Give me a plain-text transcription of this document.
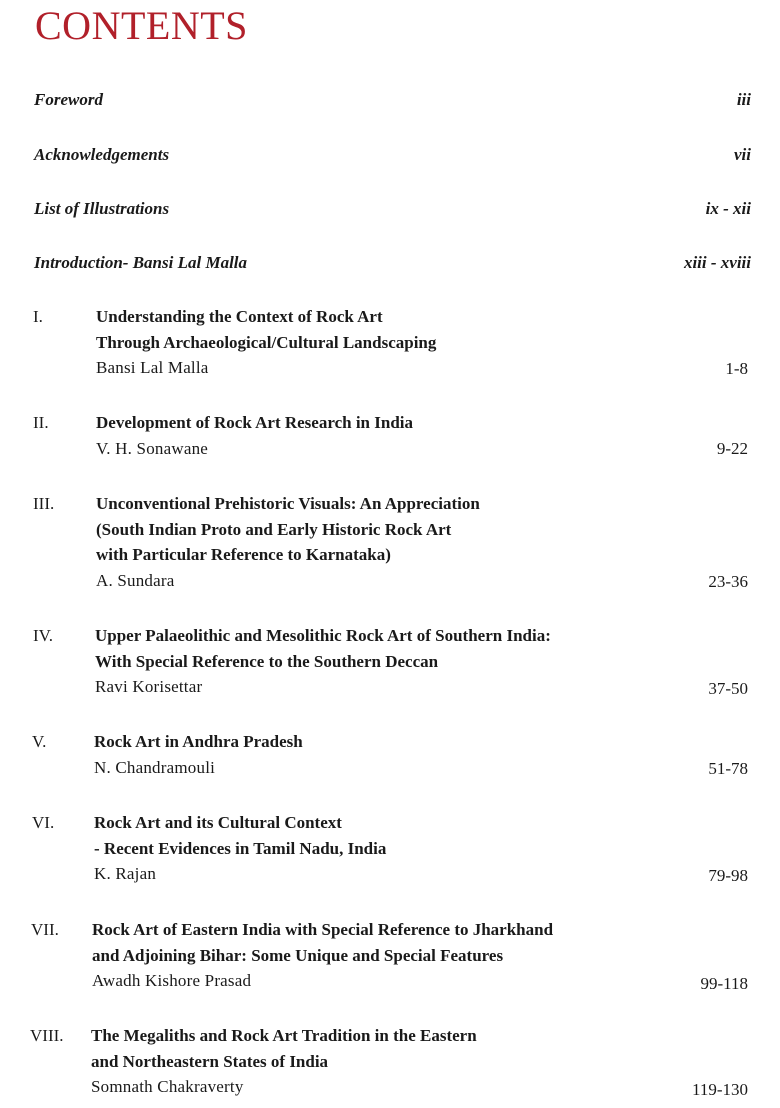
CONTENTS
Foreword	iii
Acknowledgements	vii
List of Illustrations	ix - xii
Introduction- Bansi Lal Malla	xiii - xviii
I.	Understanding the Context of Rock Art
Through Archaeological/Cultural Landscaping
Bansi Lal Malla	1-8
II.	Development of Rock Art Research in India
V. H. Sonawane	9-22
III. Unconventional Prehistoric Visuals: An Appreciation
(South Indian Proto and Early Historic Rock Art
with Particular Reference to Karnataka)
A. Sundara	23-36
IV. Upper Palaeolithic and Mesolithic Rock Art of Southern India:
With Special Reference to the Southern Deccan
Ravi Korisettar	37-50
V.	Rock Art in Andhra Pradesh
N. Chandramouli	51-78
VI. Rock Art and its Cultural Context
- Recent Evidences in Tamil Nadu, India
K. Rajan	79-98
VII. Rock Art of Eastern India with Special Reference to Jharkhand
and Adjoining Bihar: Some Unique and Special Features
Awadh Kishore Prasad	99-118
VIII. The Megaliths and Rock Art Tradition in the Eastern
and Northeastern States of India
Somnath Chakraverty	119-130
